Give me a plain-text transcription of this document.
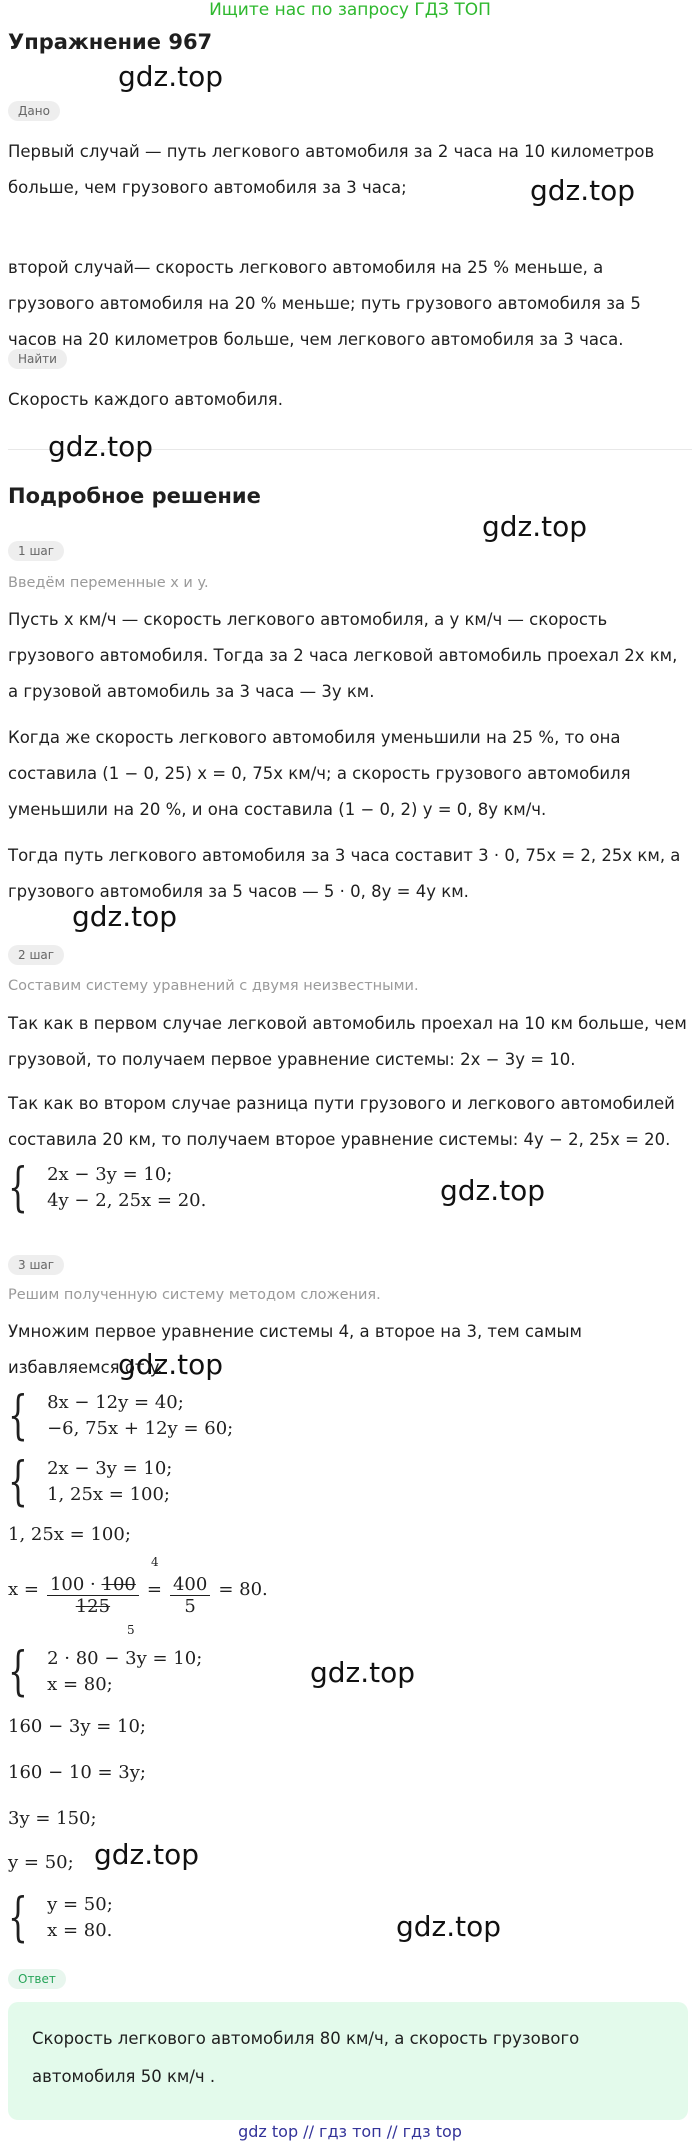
Ищите нас по запросу ГДЗ ТОП
Упражнение 967
gdz.top
Дано
Первый случай — путь легкового автомобиля за 2 часа на 10 километров больше, чем грузового автомобиля за 3 часа;	gdz.top
второй случай— скорость легкового автомобиля на 25 % меньше, а грузового автомобиля на 20 % меньше; путь грузового автомобиля за 5 часов на 20 километров больше, чем легкового автомобиля за 3 часа.
Найти
Скорость каждого автомобиля.
gdz.top
Подробное решение
gdz.top
1 шаг
Введём переменные x и y.
Пусть x км/ч — скорость легкового автомобиля, а y км/ч — скорость грузового автомобиля. Тогда за 2 часа легковой автомобиль проехал 2x км, а грузовой автомобиль за 3 часа — 3y км.
Когда же скорость легкового автомобиля уменьшили на 25 %, то она составила (1 − 0, 25) x = 0, 75x км/ч; а скорость грузового автомобиля уменьшили на 20 %, и она составила (1 − 0, 2) y = 0, 8y км/ч.
Тогда путь легкового автомобиля за 3 часа составит 3 · 0, 75x = 2, 25x км, а грузового автомобиля за 5 часов — 5 · 0, 8y = 4y км.
gdz.top
2 шаг
Составим систему уравнений с двумя неизвестными.
Так как в первом случае легковой автомобиль проехал на 10 км больше, чем грузовой, то получаем первое уравнение системы: 2x − 3y = 10.
Так как во втором случае разница пути грузового и легкового автомобилей составила 20 км, то получаем второе уравнение системы: 4y − 2, 25x = 20.
{ 2x − 3y = 10;
4y − 2, 25x = 20.	gdz.top
3 шаг
Решим полученную систему методом сложения.
Умножим первое уравнение системы 4, а второе на 3, тем самым избавляемся от y.
gdz.top
{ 8x − 12y = 40;
−6, 75x + 12y = 60;
{ 2x − 3y = 10;
1, 25x = 100;
1, 25x = 100;
x =
4
100 · 100
125
5
= $\frac{400}{5} = 80$.
{ 2 · 80 − 3y = 10;
x = 80;	gdz.top
160 − 3y = 10;
160 − 10 = 3y;
3y = 150;
y = 50; gdz.top
{ y = 50;
x = 80.	gdz.top
Ответ
Скорость легкового автомобиля 80 км/ч, а скорость грузового автомобиля 50 км/ч .
gdz top // гдз топ // гдз top
